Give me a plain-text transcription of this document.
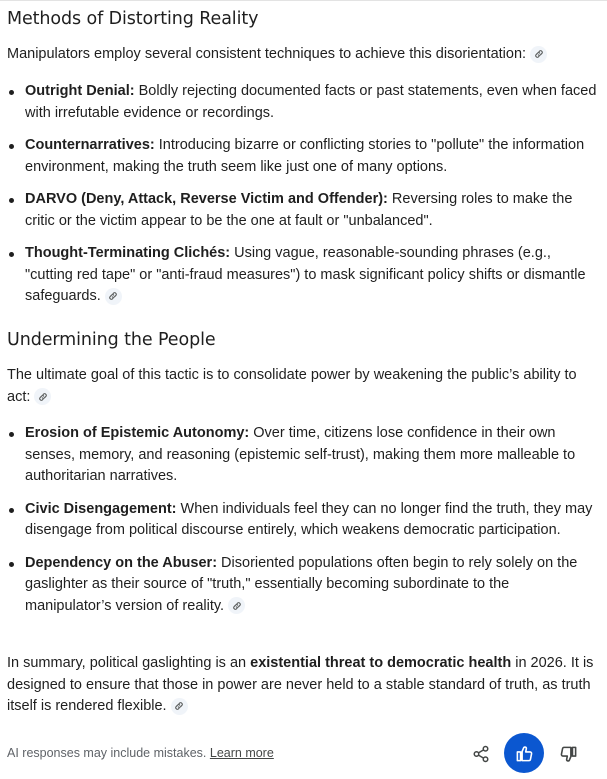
Methods of Distorting Reality

Manipulators employ several consistent techniques to achieve this disorientation:

Outright Denial: Boldly rejecting documented facts or past statements, even when faced with irrefutable evidence or recordings.
Counternarratives: Introducing bizarre or conflicting stories to "pollute" the information environment, making the truth seem like just one of many options.
DARVO (Deny, Attack, Reverse Victim and Offender): Reversing roles to make the critic or the victim appear to be the one at fault or "unbalanced".
Thought-Terminating Clichés: Using vague, reasonable-sounding phrases (e.g., "cutting red tape" or "anti-fraud measures") to mask significant policy shifts or dismantle safeguards.
Undermining the People

The ultimate goal of this tactic is to consolidate power by weakening the public’s ability to act:

Erosion of Epistemic Autonomy: Over time, citizens lose confidence in their own senses, memory, and reasoning (epistemic self-trust), making them more malleable to authoritarian narratives.
Civic Disengagement: When individuals feel they can no longer find the truth, they may disengage from political discourse entirely, which weakens democratic participation.
Dependency on the Abuser: Disoriented populations often begin to rely solely on the gaslighter as their source of "truth," essentially becoming subordinate to the manipulator’s version of reality.

In summary, political gaslighting is an existential threat to democratic health in 2026. It is designed to ensure that those in power are never held to a stable standard of truth, as truth itself is rendered flexible.

AI responses may include mistakes. Learn more
